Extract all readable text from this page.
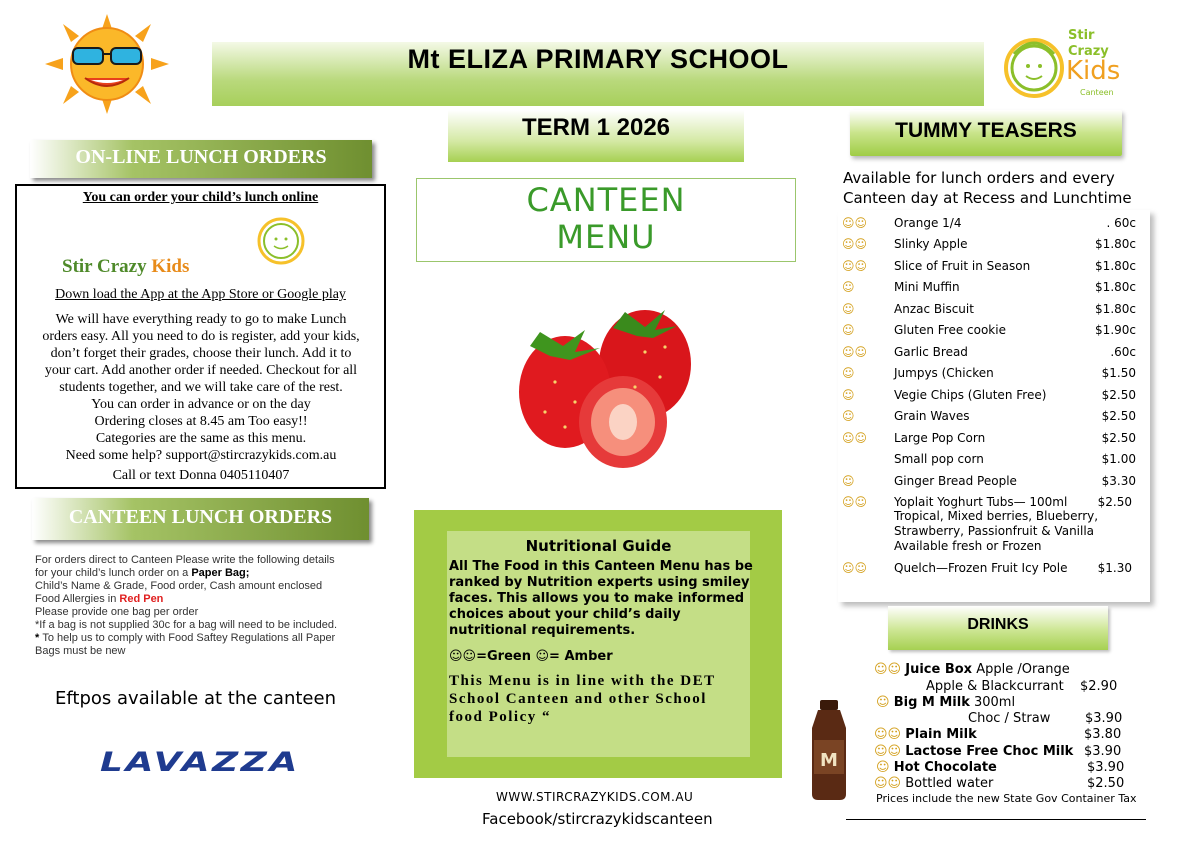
Mt ELIZA PRIMARY SCHOOL
Stir
Crazy
Kids
Canteen
TERM 1 2026	TUMMY TEASERS
ON-LINE LUNCH ORDERS
You can order your child’s lunch online
Stir Crazy Kids
Down load the App at the App Store or Google play
We will have everything ready to go to make Lunch
orders easy. All you need to do is register, add your kids,
don’t forget their grades, choose their lunch. Add it to
your cart. Add another order if needed. Checkout for all
students together, and we will take care of the rest.
You can order in advance or on the day
Ordering closes at 8.45 am Too easy!!
Categories are the same as this menu.
Need some help? support@stircrazykids.com.au
Call or text Donna 0405110407
CANTEEN LUNCH ORDERS
For orders direct to Canteen Please write the following details
for your child’s lunch order on a Paper Bag;
Child’s Name & Grade, Food order, Cash amount enclosed
Food Allergies in Red Pen
Please provide one bag per order
*If a bag is not supplied 30c for a bag will need to be included.
* To help us to comply with Food Saftey Regulations all Paper
Bags must be new
Eftpos available at the canteen
LAVAZZA
CANTEEN
MENU
Nutritional Guide
All The Food in this Canteen Menu has be
ranked by Nutrition experts using smiley
faces. This allows you to make informed
choices about your child’s daily
nutritional requirements.
☺☺=Green ☺= Amber
This Menu is in line with the DET
School Canteen and other School
food Policy “
WWW.STIRCRAZYKIDS.COM.AU
Facebook/stircrazykidscanteen
Available for lunch orders and every
Canteen day at Recess and Lunchtime
☺☺ Orange 1/4	. 60c
☺☺ Slinky Apple	$1.80c
☺☺ Slice of Fruit in Season	$1.80c
☺	Mini Muffin	$1.80c
☺	Anzac Biscuit	$1.80c
☺	Gluten Free cookie	$1.90c
☺☺ Garlic Bread	.60c
☺	Jumpys (Chicken	$1.50
☺	Vegie Chips (Gluten Free)	$2.50
☺	Grain Waves	$2.50
☺☺ Large Pop Corn	$2.50
Small pop corn	$1.00
☺	Ginger Bread People	$3.30
☺☺ Yoplait Yoghurt Tubs— 100ml	$2.50
Tropical, Mixed berries, Blueberry,
Strawberry, Passionfruit & Vanilla
Available fresh or Frozen
☺☺ Quelch—Frozen Fruit Icy Pole	$1.30
DRINKS
M
☺☺ Juice Box Apple /Orange
Apple & Blackcurrant $2.90
☺ Big M Milk 300ml
Choc / Straw	$3.90
☺☺ Plain Milk	$3.80
☺☺ Lactose Free Choc Milk $3.90
☺ Hot Chocolate	$3.90
☺☺ Bottled water	$2.50
Prices include the new State Gov Container Tax
